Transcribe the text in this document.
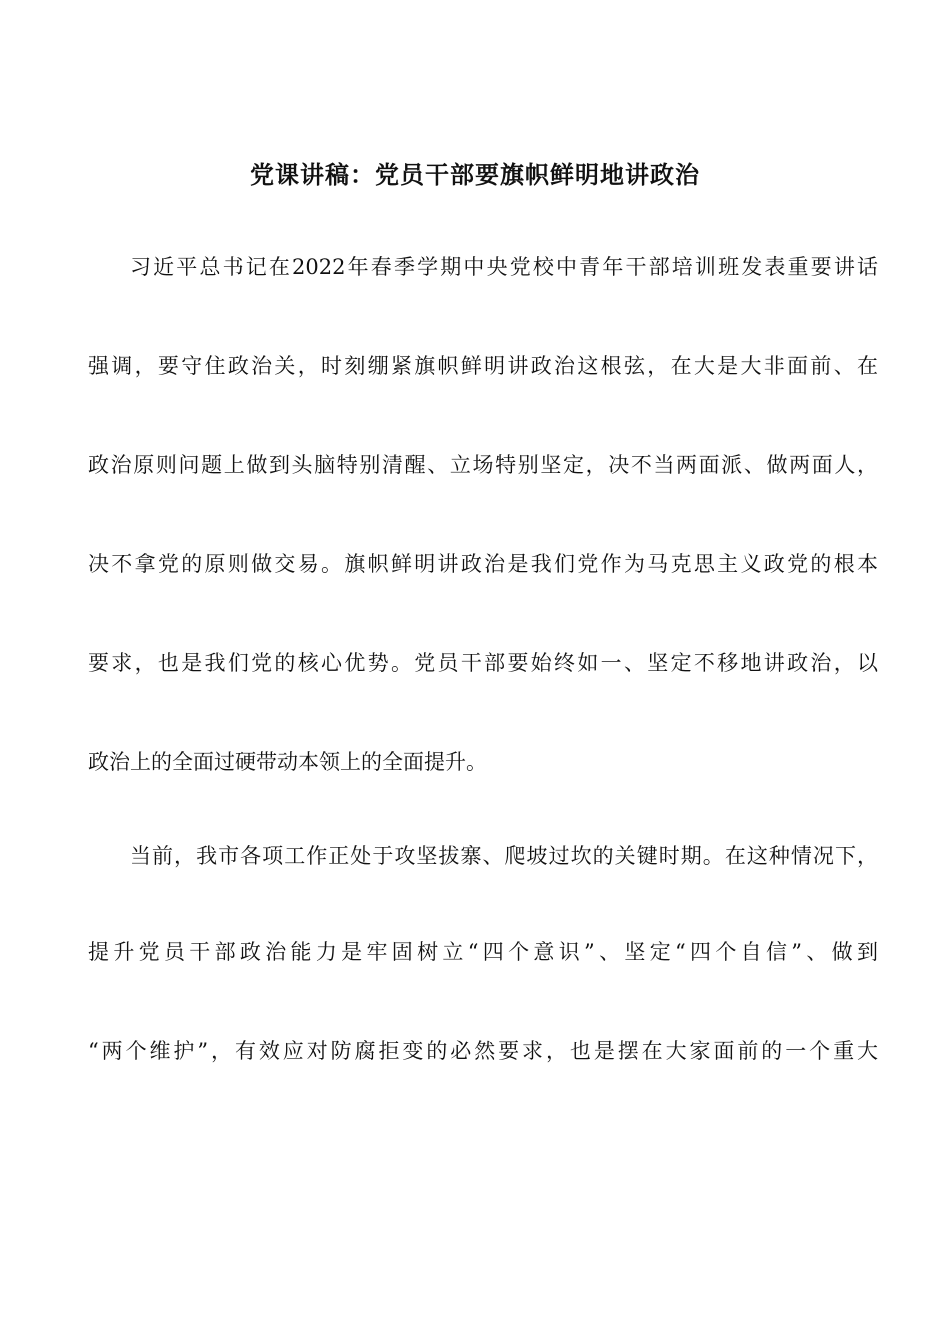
党课讲稿：党员干部要旗帜鲜明地讲政治
习近平总书记在2022年春季学期中央党校中青年干部培训班发表重要讲话
强调，要守住政治关，时刻绷紧旗帜鲜明讲政治这根弦，在大是大非面前、在
政治原则问题上做到头脑特别清醒、立场特别坚定，决不当两面派、做两面人，
决不拿党的原则做交易。旗帜鲜明讲政治是我们党作为马克思主义政党的根本
要求，也是我们党的核心优势。党员干部要始终如一、坚定不移地讲政治，以
政治上的全面过硬带动本领上的全面提升。
当前，我市各项工作正处于攻坚拔寨、爬坡过坎的关键时期。在这种情况下，
提升党员干部政治能力是牢固树立“四个意识”、坚定“四个自信”、做到
“两个维护”，有效应对防腐拒变的必然要求，也是摆在大家面前的一个重大
